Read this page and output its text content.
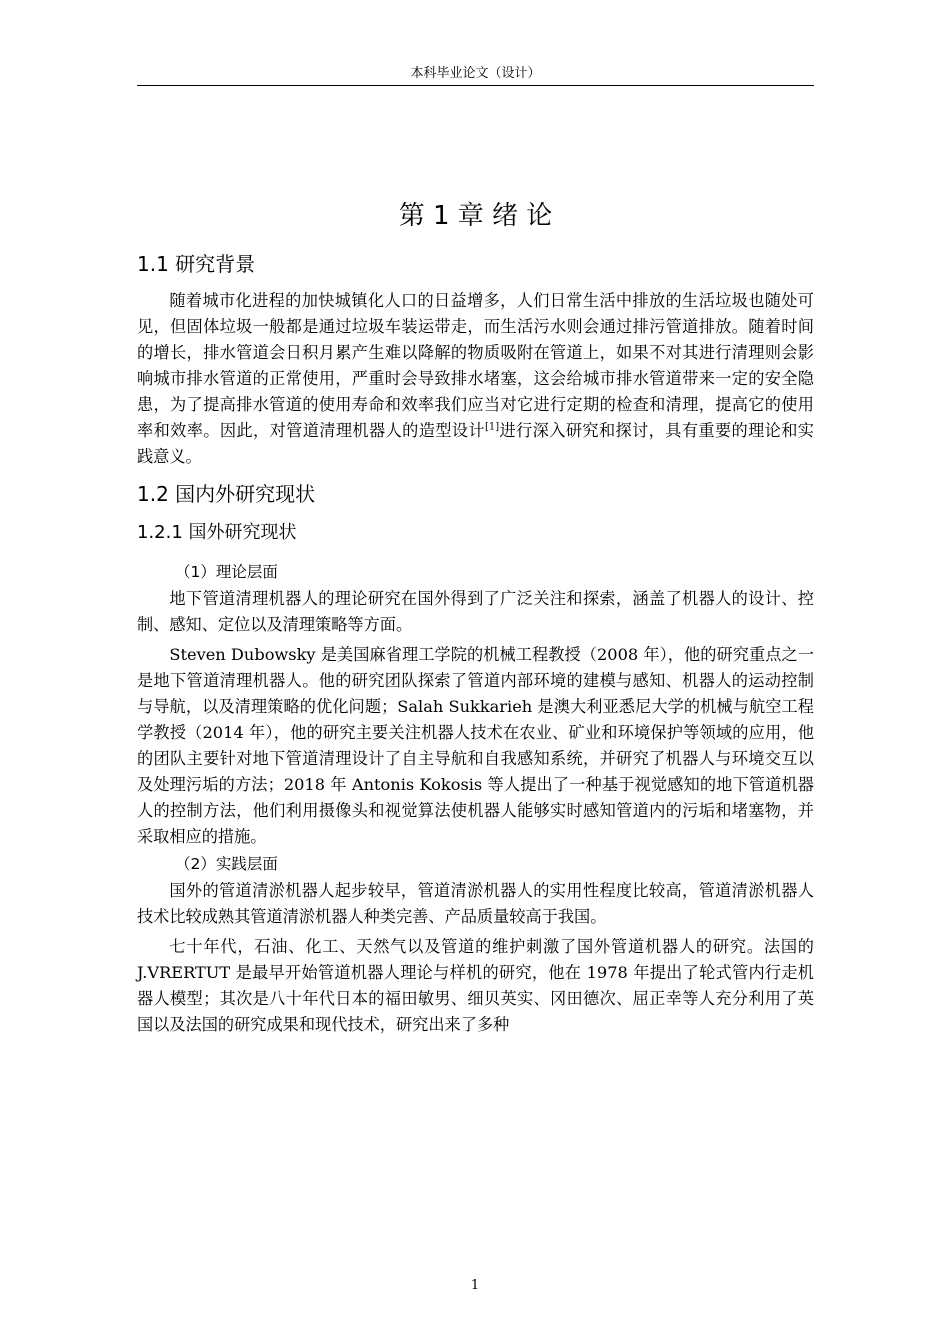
本科毕业论文（设计）
第 1 章 绪 论
1.1 研究背景

随着城市化进程的加快城镇化人口的日益增多，人们日常生活中排放的生活垃圾也随处可见，但固体垃圾一般都是通过垃圾车装运带走，而生活污水则会通过排污管道排放。随着时间的增长，排水管道会日积月累产生难以降解的物质吸附在管道上，如果不对其进行清理则会影响城市排水管道的正常使用，严重时会导致排水堵塞，这会给城市排水管道带来一定的安全隐患，为了提高排水管道的使用寿命和效率我们应当对它进行定期的检查和清理，提高它的使用率和效率。因此，对管道清理机器人的造型设计[1]进行深入研究和探讨，具有重要的理论和实践意义。

1.2 国内外研究现状
1.2.1 国外研究现状
（1）理论层面

地下管道清理机器人的理论研究在国外得到了广泛关注和探索，涵盖了机器人的设计、控制、感知、定位以及清理策略等方面。

Steven Dubowsky 是美国麻省理工学院的机械工程教授（2008 年），他的研究重点之一是地下管道清理机器人。他的研究团队探索了管道内部环境的建模与感知、机器人的运动控制与导航，以及清理策略的优化问题；Salah Sukkarieh 是澳大利亚悉尼大学的机械与航空工程学教授（2014 年），他的研究主要关注机器人技术在农业、矿业和环境保护等领域的应用，他的团队主要针对地下管道清理设计了自主导航和自我感知系统，并研究了机器人与环境交互以及处理污垢的方法；2018 年 Antonis Kokosis 等人提出了一种基于视觉感知的地下管道机器人的控制方法，他们利用摄像头和视觉算法使机器人能够实时感知管道内的污垢和堵塞物，并采取相应的措施。

（2）实践层面

国外的管道清淤机器人起步较早，管道清淤机器人的实用性程度比较高，管道清淤机器人技术比较成熟其管道清淤机器人种类完善、产品质量较高于我国。

七十年代，石油、化工、天然气以及管道的维护刺激了国外管道机器人的研究。法国的 J.VRERTUT 是最早开始管道机器人理论与样机的研究，他在 1978 年提出了轮式管内行走机器人模型；其次是八十年代日本的福田敏男、细贝英实、冈田德次、屈正幸等人充分利用了英国以及法国的研究成果和现代技术，研究出来了多种

1
